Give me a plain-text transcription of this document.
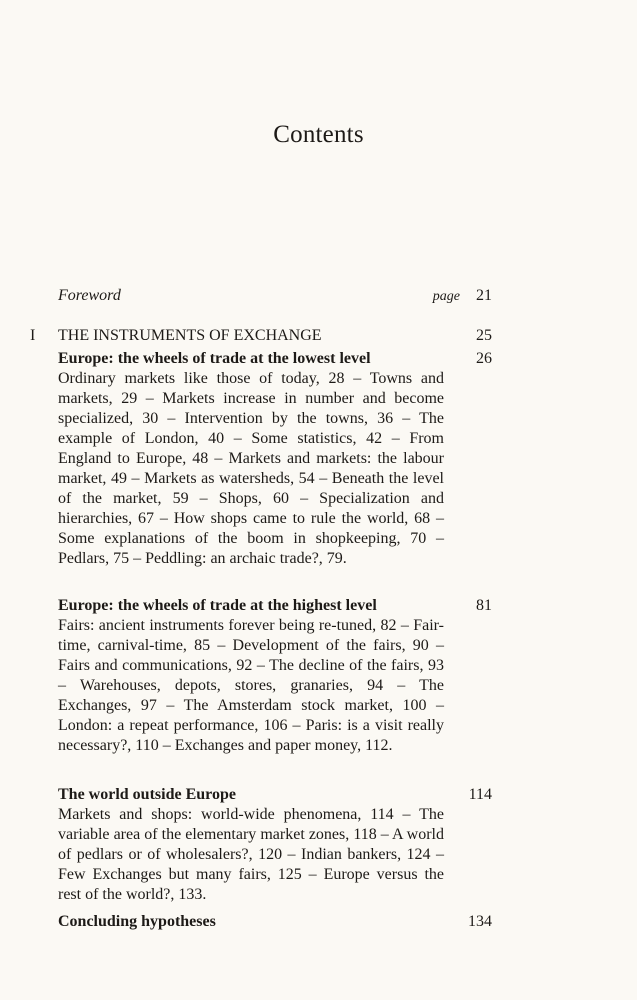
Contents
Foreword	page 21
I	THE INSTRUMENTS OF EXCHANGE	25
Europe: the wheels of trade at the lowest level	26

Ordinary markets like those of today, 28 – Towns and markets, 29 – Markets increase in number and become specialized, 30 – Intervention by the towns, 36 – The example of London, 40 – Some statistics, 42 – From England to Europe, 48 – Markets and markets: the labour market, 49 – Markets as watersheds, 54 – Beneath the level of the market, 59 – Shops, 60 – Specialization and hierarchies, 67 – How shops came to rule the world, 68 – Some explanations of the boom in shopkeeping, 70 – Pedlars, 75 – Peddling: an archaic trade?, 79.

Europe: the wheels of trade at the highest level	81

Fairs: ancient instruments forever being re-tuned, 82 – Fair-time, carnival-time, 85 – Development of the fairs, 90 – Fairs and communications, 92 – The decline of the fairs, 93 – Warehouses, depots, stores, granaries, 94 – The Exchanges, 97 – The Amsterdam stock market, 100 – London: a repeat performance, 106 – Paris: is a visit really necessary?, 110 – Exchanges and paper money, 112.

The world outside Europe	114

Markets and shops: world-wide phenomena, 114 – The variable area of the elementary market zones, 118 – A world of pedlars or of wholesalers?, 120 – Indian bankers, 124 – Few Exchanges but many fairs, 125 – Europe versus the rest of the world?, 133.

Concluding hypotheses	134
